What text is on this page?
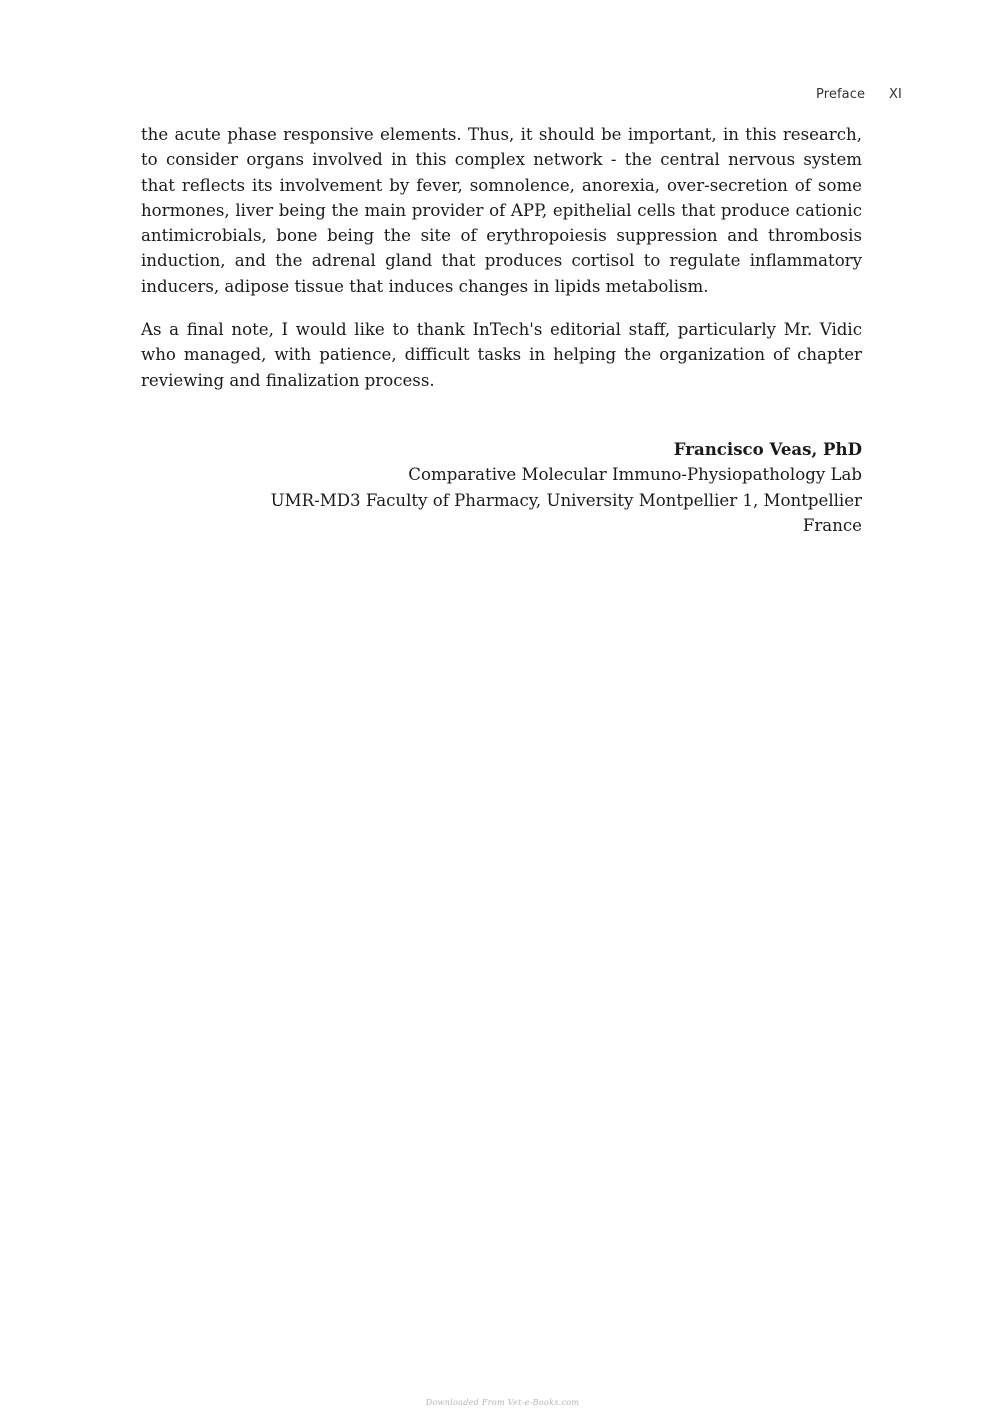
Preface XI

the acute phase responsive elements. Thus, it should be important, in this research, to consider organs involved in this complex network - the central nervous system that reflects its involvement by fever, somnolence, anorexia, over-secretion of some hormones, liver being the main provider of APP, epithelial cells that produce cationic antimicrobials, bone being the site of erythropoiesis suppression and thrombosis induction, and the adrenal gland that produces cortisol to regulate inflammatory inducers, adipose tissue that induces changes in lipids metabolism.

As a final note, I would like to thank InTech's editorial staff, particularly Mr. Vidic who managed, with patience, difficult tasks in helping the organization of chapter reviewing and finalization process.

Francisco Veas, PhD
Comparative Molecular Immuno-Physiopathology Lab
UMR-MD3 Faculty of Pharmacy, University Montpellier 1, Montpellier
France
Downloaded From Vet-e-Books.com
